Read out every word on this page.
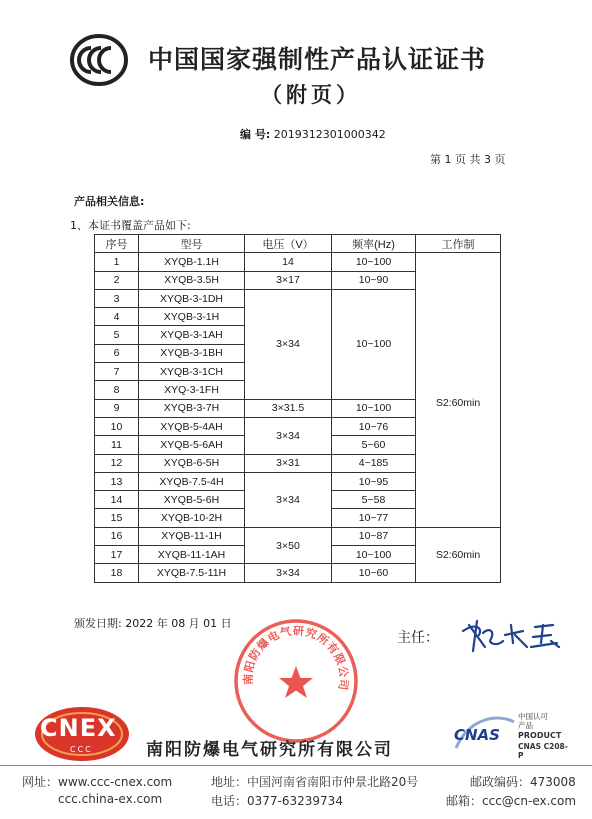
中国国家强制性产品认证证书
（附页）
编 号: 2019312301000342
第 1 页 共 3 页
产品相关信息:
1、本证书覆盖产品如下:
序号	型号	电压（V）	频率(Hz)	工作制
1	XYQB-1.1H	14	10~100	S2:60min
2	XYQB-3.5H	3×17	10~90	
3	XYQB-3-1DH	3×34	10~100	
4	XYQB-3-1H			
5	XYQB-3-1AH			
6	XYQB-3-1BH			
7	XYQB-3-1CH			
8	XYQ-3-1FH			
9	XYQB-3-7H	3×31.5	10~100	
10	XYQB-5-4AH	3×34	10~76	
11	XYQB-5-6AH		5~60	
12	XYQB-6-5H	3×31	4~185	
13	XYQB-7.5-4H	3×34	10~95	
14	XYQB-5-6H		5~58	
15	XYQB-10-2H		10~77	
16	XYQB-11-1H	3×50	10~87	S2:60min
17	XYQB-11-1AH		10~100	
18	XYQB-7.5-11H	3×34	10~60	
颁发日期: 2022 年 08 月 01 日
南阳防爆电气研究所有限公司
主任：
CNEX
CCC	南阳防爆电气研究所有限公司
CNAS
中国认可
产品
PRODUCT
CNAS C208-P
网址：www.ccc-cnex.com
ccc.china-ex.com
地址：中国河南省南阳市仲景北路20号
电话：0377-63239734
邮政编码：473008
邮箱：ccc@cn-ex.com
